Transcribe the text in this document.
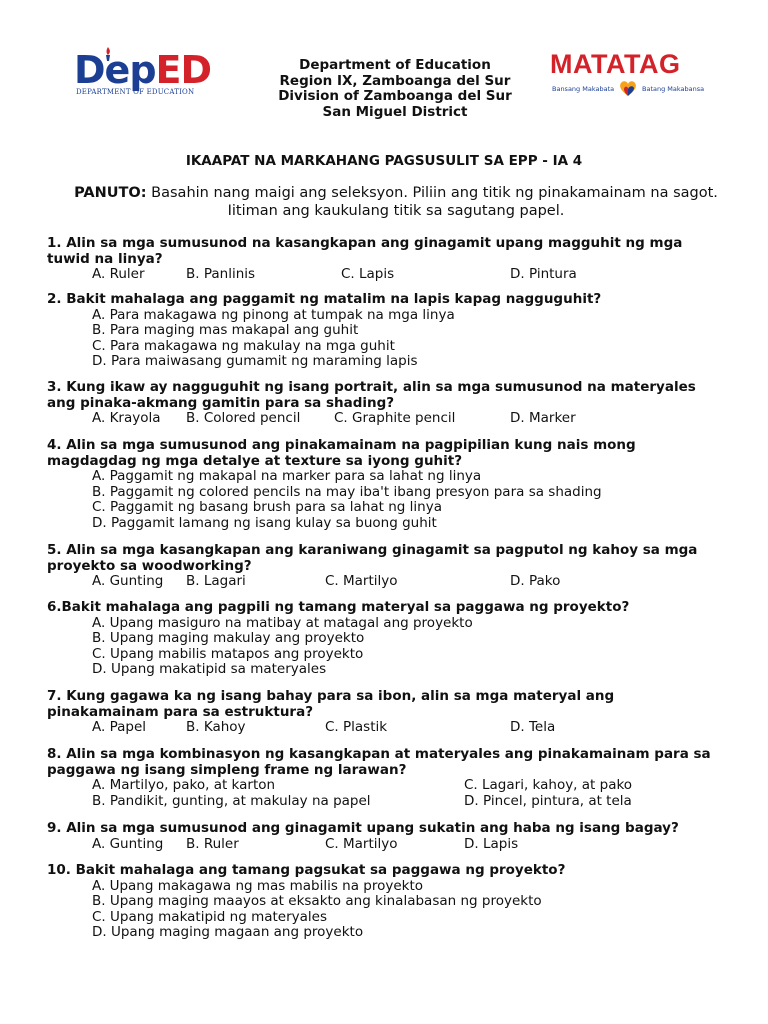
DepED
DEPARTMENT OF EDUCATION
Department of Education
Region IX, Zamboanga del Sur
Division of Zamboanga del Sur
San Miguel District
MATATAG
Bansang Makabata	Batang Makabansa
IKAAPAT NA MARKAHANG PAGSUSULIT SA EPP - IA 4
PANUTO: Basahin nang maigi ang seleksyon. Piliin ang titik ng pinakamainam na sagot.
Iitiman ang kaukulang titik sa sagutang papel.
1. Alin sa mga sumusunod na kasangkapan ang ginagamit upang magguhit ng mga
tuwid na linya?
A. Ruler	B. Panlinis	C. Lapis	D. Pintura
2. Bakit mahalaga ang paggamit ng matalim na lapis kapag nagguguhit?
A. Para makagawa ng pinong at tumpak na mga linya
B. Para maging mas makapal ang guhit
C. Para makagawa ng makulay na mga guhit
D. Para maiwasang gumamit ng maraming lapis
3. Kung ikaw ay nagguguhit ng isang portrait, alin sa mga sumusunod na materyales
ang pinaka-akmang gamitin para sa shading?
A. Krayola B. Colored pencil C. Graphite pencil	D. Marker
4. Alin sa mga sumusunod ang pinakamainam na pagpipilian kung nais mong
magdagdag ng mga detalye at texture sa iyong guhit?
A. Paggamit ng makapal na marker para sa lahat ng linya
B. Paggamit ng colored pencils na may iba't ibang presyon para sa shading
C. Paggamit ng basang brush para sa lahat ng linya
D. Paggamit lamang ng isang kulay sa buong guhit
5. Alin sa mga kasangkapan ang karaniwang ginagamit sa pagputol ng kahoy sa mga
proyekto sa woodworking?
A. Gunting B. Lagari	C. Martilyo	D. Pako
6.Bakit mahalaga ang pagpili ng tamang materyal sa paggawa ng proyekto?
A. Upang masiguro na matibay at matagal ang proyekto
B. Upang maging makulay ang proyekto
C. Upang mabilis matapos ang proyekto
D. Upang makatipid sa materyales
7. Kung gagawa ka ng isang bahay para sa ibon, alin sa mga materyal ang
pinakamainam para sa estruktura?
A. Papel	B. Kahoy	C. Plastik	D. Tela
8. Alin sa mga kombinasyon ng kasangkapan at materyales ang pinakamainam para sa
paggawa ng isang simpleng frame ng larawan?
A. Martilyo, pako, at karton	C. Lagari, kahoy, at pako
B. Pandikit, gunting, at makulay na papel	D. Pincel, pintura, at tela
9. Alin sa mga sumusunod ang ginagamit upang sukatin ang haba ng isang bagay?
A. Gunting B. Ruler	C. Martilyo	D. Lapis
10. Bakit mahalaga ang tamang pagsukat sa paggawa ng proyekto?
A. Upang makagawa ng mas mabilis na proyekto
B. Upang maging maayos at eksakto ang kinalabasan ng proyekto
C. Upang makatipid ng materyales
D. Upang maging magaan ang proyekto
